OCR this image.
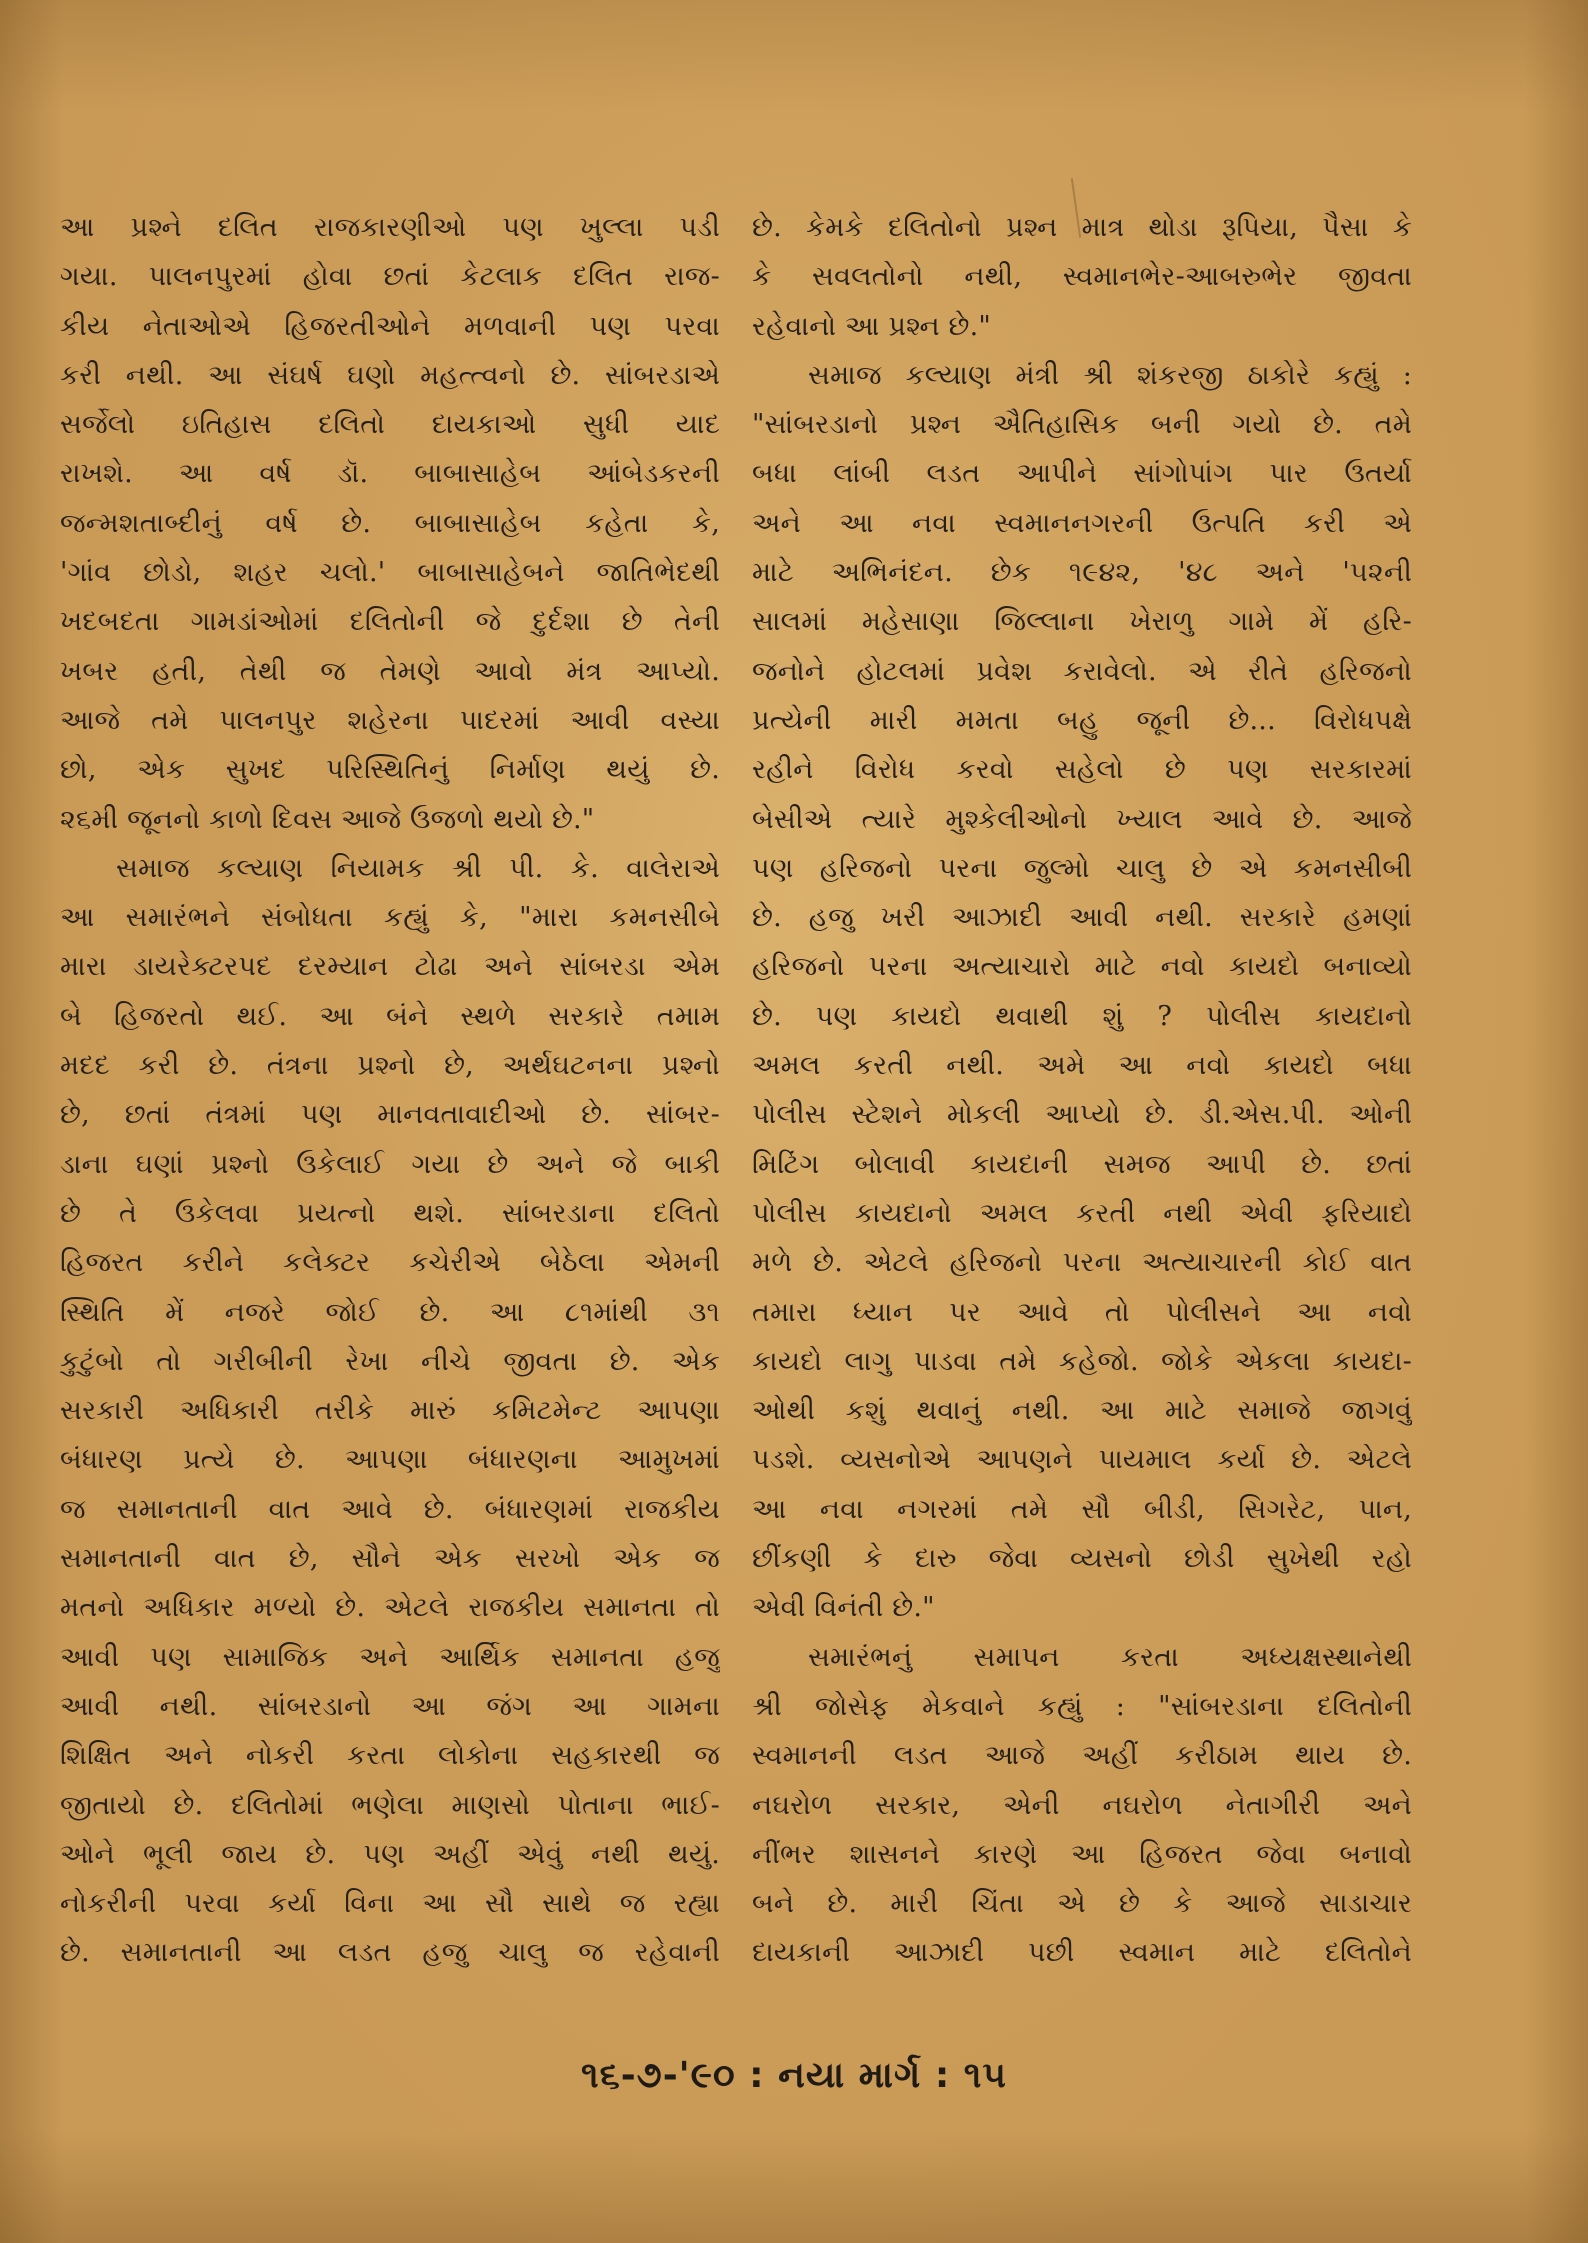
આ પ્રશ્ને દલિત રાજકારણીઓ પણ ખુલ્લા પડી
ગયા. પાલનપુરમાં હોવા છતાં કેટલાક દલિત રાજ-
કીય નેતાઓએ હિજરતીઓને મળવાની પણ પરવા
કરી નથી. આ સંઘર્ષ ઘણો મહત્ત્વનો છે. સાંબરડાએ
સર્જેલો ઇતિહાસ દલિતો દાયકાઓ સુધી યાદ
રાખશે. આ વર્ષ ડૉ. બાબાસાહેબ આંબેડકરની
જન્મશતાબ્દીનું વર્ષ છે. બાબાસાહેબ કહેતા કે,
'ગાંવ છોડો, શહર ચલો.' બાબાસાહેબને જાતિભેદથી
ખદબદતા ગામડાંઓમાં દલિતોની જે દુર્દશા છે તેની
ખબર હતી, તેથી જ તેમણે આવો મંત્ર આપ્યો.
આજે તમે પાલનપુર શહેરના પાદરમાં આવી વસ્યા
છો, એક સુખદ પરિસ્થિતિનું નિર્માણ થયું છે.
૨૬મી જૂનનો કાળો દિવસ આજે ઉજળો થયો છે."
સમાજ કલ્યાણ નિયામક શ્રી પી. કે. વાલેરાએ
આ સમારંભને સંબોધતા કહ્યું કે, "મારા કમનસીબે
મારા ડાયરેક્ટરપદ દરમ્યાન ટોઢા અને સાંબરડા એમ
બે હિજરતો થઈ. આ બંને સ્થળે સરકારે તમામ
મદદ કરી છે. તંત્રના પ્રશ્નો છે, અર્થઘટનના પ્રશ્નો
છે, છતાં તંત્રમાં પણ માનવતાવાદીઓ છે. સાંબર-
ડાના ઘણાં પ્રશ્નો ઉકેલાઈ ગયા છે અને જે બાકી
છે તે ઉકેલવા પ્રયત્નો થશે. સાંબરડાના દલિતો
હિજરત કરીને કલેક્ટર કચેરીએ બેઠેલા એમની
સ્થિતિ મેં નજરે જોઈ છે. આ ૮૧માંથી ૩૧
કુટુંબો તો ગરીબીની રેખા નીચે જીવતા છે. એક
સરકારી અધિકારી તરીકે મારું કમિટમેન્ટ આપણા
બંધારણ પ્રત્યે છે. આપણા બંધારણના આમુખમાં
જ સમાનતાની વાત આવે છે. બંધારણમાં રાજકીય
સમાનતાની વાત છે, સૌને એક સરખો એક જ
મતનો અધિકાર મળ્યો છે. એટલે રાજકીય સમાનતા તો
આવી પણ સામાજિક અને આર્થિક સમાનતા હજુ
આવી નથી. સાંબરડાનો આ જંગ આ ગામના
શિક્ષિત અને નોકરી કરતા લોકોના સહકારથી જ
જીતાયો છે. દલિતોમાં ભણેલા માણસો પોતાના ભાઈ-
ઓને ભૂલી જાય છે. પણ અહીં એવું નથી થયું.
નોકરીની પરવા કર્યા વિના આ સૌ સાથે જ રહ્યા
છે. સમાનતાની આ લડત હજુ ચાલુ જ રહેવાની
છે. કેમકે દલિતોનો પ્રશ્ન માત્ર થોડા રૂપિયા, પૈસા કે
કે સવલતોનો નથી, સ્વમાનભેર-આબરુભેર જીવતા
રહેવાનો આ પ્રશ્ન છે."
સમાજ કલ્યાણ મંત્રી શ્રી શંકરજી ઠાકોરે કહ્યું :
"સાંબરડાનો પ્રશ્ન ઐતિહાસિક બની ગયો છે. તમે
બધા લાંબી લડત આપીને સાંગોપાંગ પાર ઉતર્યા
અને આ નવા સ્વમાનનગરની ઉત્પતિ કરી એ
માટે અભિનંદન. છેક ૧૯૪૨, '૪૮ અને '૫૨ની
સાલમાં મહેસાણા જિલ્લાના ખેરાળુ ગામે મેં હરિ-
જનોને હોટલમાં પ્રવેશ કરાવેલો. એ રીતે હરિજનો
પ્રત્યેની મારી મમતા બહુ જૂની છે... વિરોધપક્ષે
રહીને વિરોધ કરવો સહેલો છે પણ સરકારમાં
બેસીએ ત્યારે મુશ્કેલીઓનો ખ્યાલ આવે છે. આજે
પણ હરિજનો પરના જુલ્મો ચાલુ છે એ કમનસીબી
છે. હજુ ખરી આઝાદી આવી નથી. સરકારે હમણાં
હરિજનો પરના અત્યાચારો માટે નવો કાયદો બનાવ્યો
છે. પણ કાયદો થવાથી શું ? પોલીસ કાયદાનો
અમલ કરતી નથી. અમે આ નવો કાયદો બધા
પોલીસ સ્ટેશને મોકલી આપ્યો છે. ડી.એસ.પી. ઓની
મિટિંગ બોલાવી કાયદાની સમજ આપી છે. છતાં
પોલીસ કાયદાનો અમલ કરતી નથી એવી ફરિયાદો
મળે છે. એટલે હરિજનો પરના અત્યાચારની કોઈ વાત
તમારા ધ્યાન પર આવે તો પોલીસને આ નવો
કાયદો લાગુ પાડવા તમે કહેજો. જોકે એકલા કાયદા-
ઓથી કશું થવાનું નથી. આ માટે સમાજે જાગવું
પડશે. વ્યસનોએ આપણને પાયમાલ કર્યા છે. એટલે
આ નવા નગરમાં તમે સૌ બીડી, સિગરેટ, પાન,
છીંકણી કે દારુ જેવા વ્યસનો છોડી સુખેથી રહો
એવી વિનંતી છે."
સમારંભનું સમાપન કરતા અધ્યક્ષસ્થાનેથી
શ્રી જોસેફ મેકવાને કહ્યું : "સાંબરડાના દલિતોની
સ્વમાનની લડત આજે અહીં કરીઠામ થાય છે.
નઘરોળ સરકાર, એની નઘરોળ નેતાગીરી અને
નીંભર શાસનને કારણે આ હિજરત જેવા બનાવો
બને છે. મારી ચિંતા એ છે કે આજે સાડાચાર
દાયકાની આઝાદી પછી સ્વમાન માટે દલિતોને
૧૬-૭-'૯૦ : નયા માર્ગ : ૧૫
